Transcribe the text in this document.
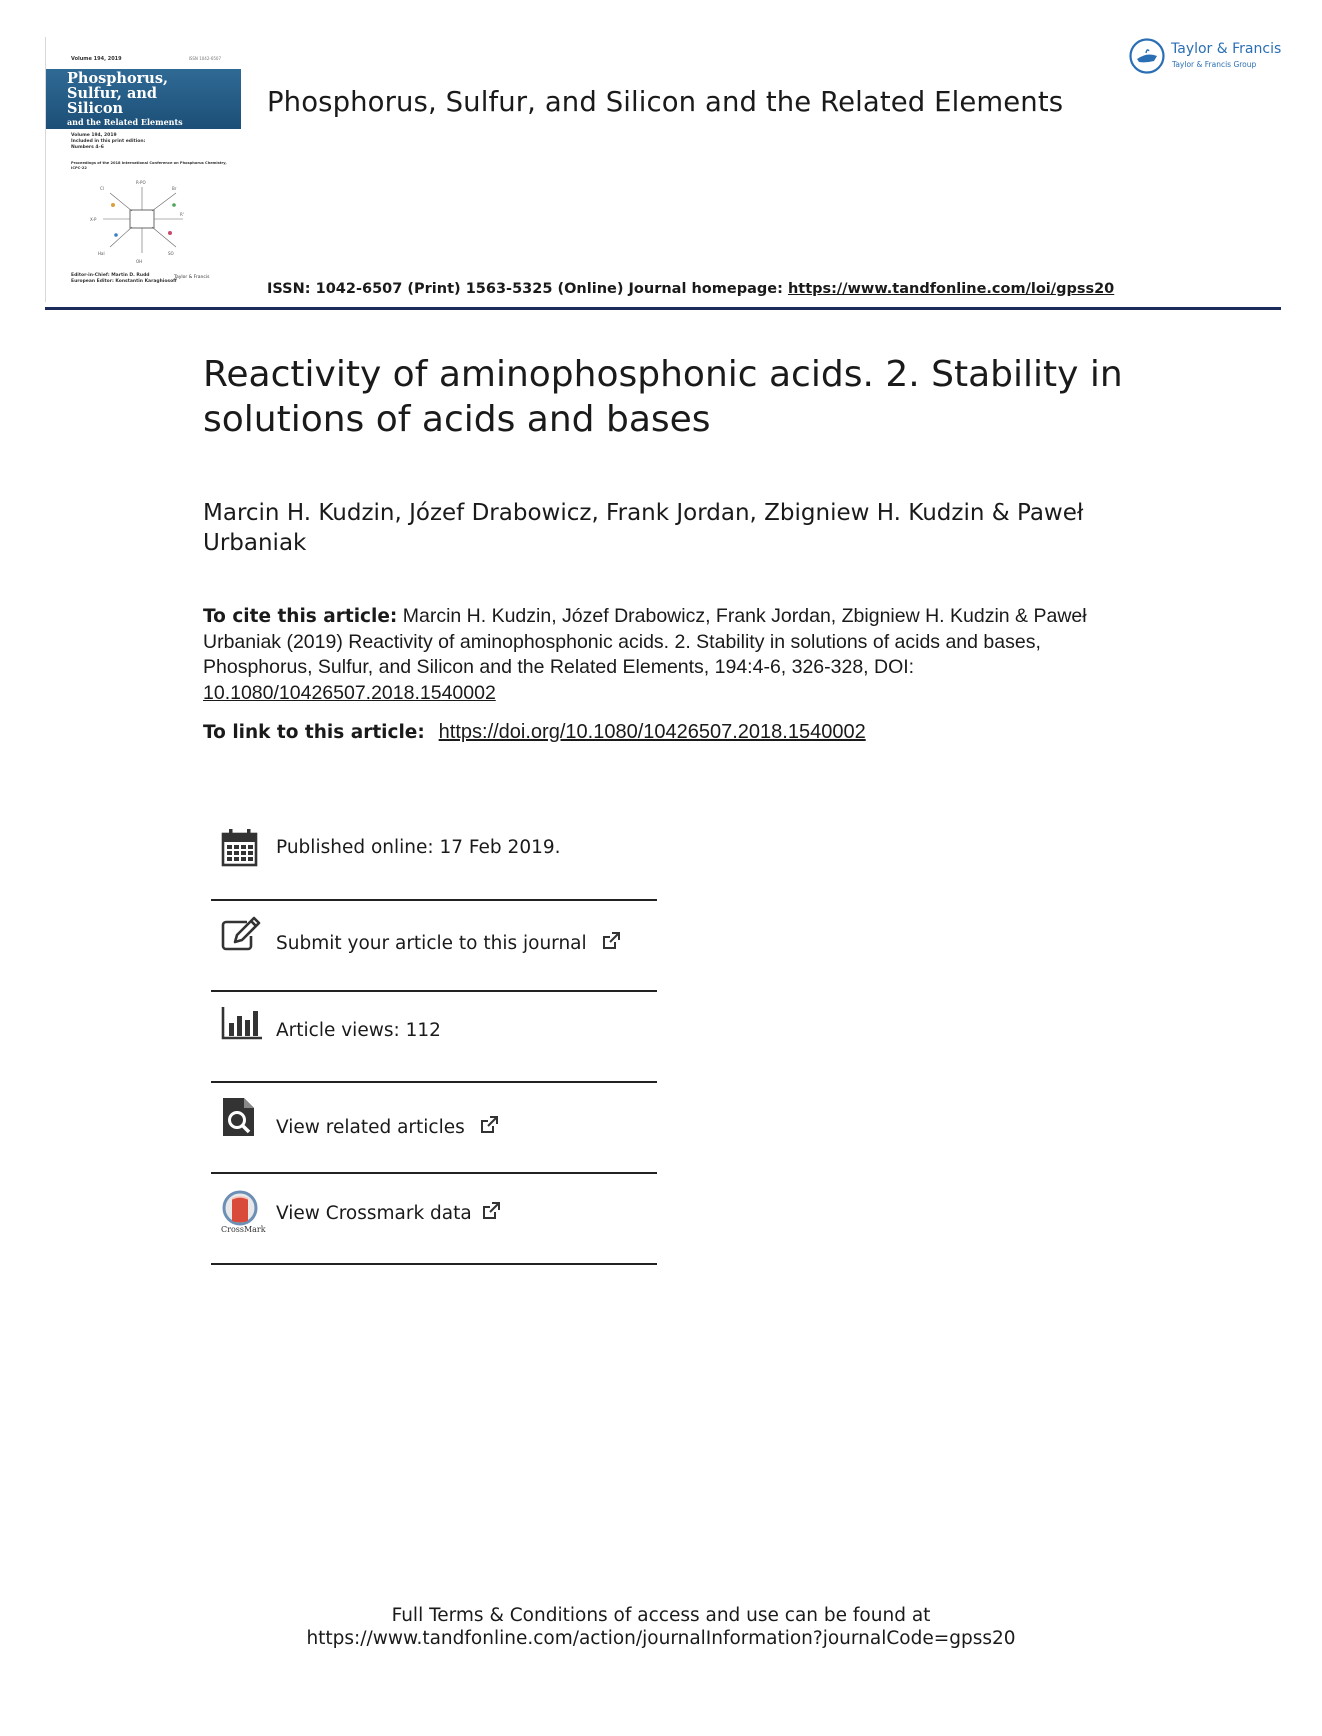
Volume 194, 2019	ISSN 1042-6507
Phosphorus,
Sulfur, and
Silicon
and the Related Elements
Volume 194, 2019
Included in this print edition:
Numbers 4–6
Proceedings of the 2018 International Conference on Phosphorus Chemistry, ICPC-22
R-PO
X-P
R'
Cl	Br
Hal	SO
OH
Editor-in-Chief: Martin D. Rudd
European Editor: Konstantin Karaghiosoff
Taylor & Francis
Phosphorus, Sulfur, and Silicon and the Related Elements
Taylor & Francis
Taylor & Francis Group
ISSN: 1042-6507 (Print) 1563-5325 (Online) Journal homepage: https://www.tandfonline.com/loi/gpss20
Reactivity of aminophosphonic acids. 2. Stability in solutions of acids and bases
Marcin H. Kudzin, Józef Drabowicz, Frank Jordan, Zbigniew H. Kudzin & Paweł Urbaniak
To cite this article: Marcin H. Kudzin, Józef Drabowicz, Frank Jordan, Zbigniew H. Kudzin & Paweł Urbaniak (2019) Reactivity of aminophosphonic acids. 2. Stability in solutions of acids and bases, Phosphorus, Sulfur, and Silicon and the Related Elements, 194:4-6, 326-328, DOI: 10.1080/10426507.2018.1540002
To link to this article: https://doi.org/10.1080/10426507.2018.1540002
Published online: 17 Feb 2019.
Submit your article to this journal
Article views: 112
View related articles
CrossMark
View Crossmark data
Full Terms & Conditions of access and use can be found at
https://www.tandfonline.com/action/journalInformation?journalCode=gpss20
